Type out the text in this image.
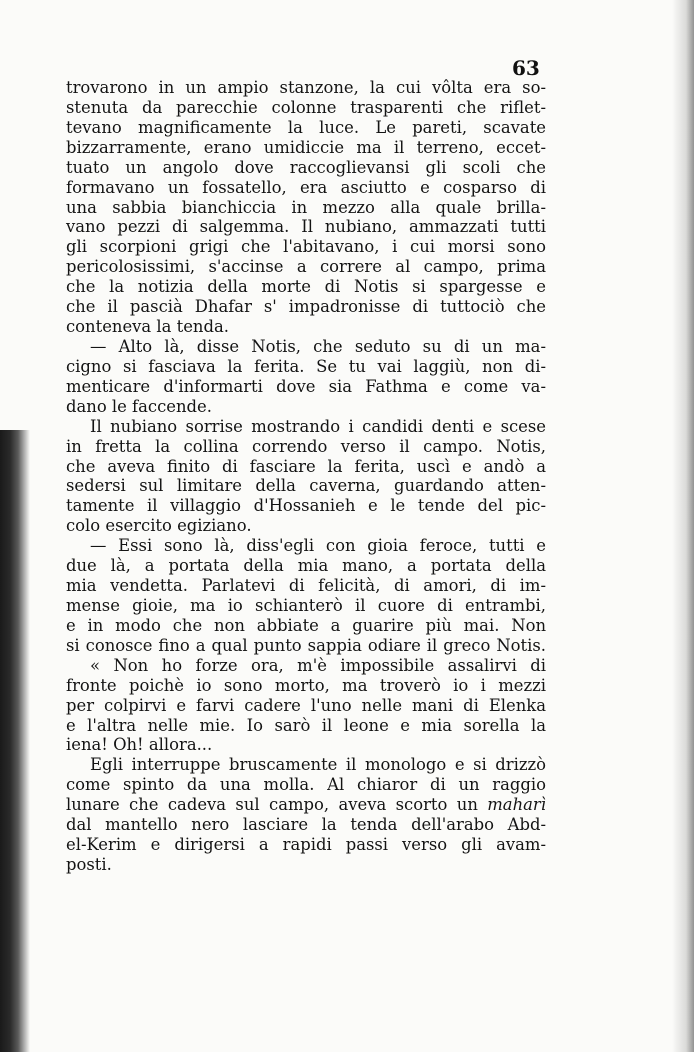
63
trovarono in un ampio stanzone, la cui vôlta era so-
stenuta da parecchie colonne trasparenti che riflet-
tevano magnificamente la luce. Le pareti, scavate
bizzarramente, erano umidiccie ma il terreno, eccet-
tuato un angolo dove raccoglievansi gli scoli che
formavano un fossatello, era asciutto e cosparso di
una sabbia bianchiccia in mezzo alla quale brilla-
vano pezzi di salgemma. Il nubiano, ammazzati tutti
gli scorpioni grigi che l'abitavano, i cui morsi sono
pericolosissimi, s'accinse a correre al campo, prima
che la notizia della morte di Notis si spargesse e
che il pascià Dhafar s' impadronisse di tuttociò che
conteneva la tenda.
— Alto là, disse Notis, che seduto su di un ma-
cigno si fasciava la ferita. Se tu vai laggiù, non di-
menticare d'informarti dove sia Fathma e come va-
dano le faccende.
Il nubiano sorrise mostrando i candidi denti e scese
in fretta la collina correndo verso il campo. Notis,
che aveva finito di fasciare la ferita, uscì e andò a
sedersi sul limitare della caverna, guardando atten-
tamente il villaggio d'Hossanieh e le tende del pic-
colo esercito egiziano.
— Essi sono là, diss'egli con gioia feroce, tutti e
due là, a portata della mia mano, a portata della
mia vendetta. Parlatevi di felicità, di amori, di im-
mense gioie, ma io schianterò il cuore di entrambi,
e in modo che non abbiate a guarire più mai. Non
si conosce fino a qual punto sappia odiare il greco Notis.
« Non ho forze ora, m'è impossibile assalirvi di
fronte poichè io sono morto, ma troverò io i mezzi
per colpirvi e farvi cadere l'uno nelle mani di Elenka
e l'altra nelle mie. Io sarò il leone e mia sorella la
iena! Oh! allora...
Egli interruppe bruscamente il monologo e si drizzò
come spinto da una molla. Al chiaror di un raggio
lunare che cadeva sul campo, aveva scorto un maharì
dal mantello nero lasciare la tenda dell'arabo Abd-
el-Kerim e dirigersi a rapidi passi verso gli avam-
posti.
